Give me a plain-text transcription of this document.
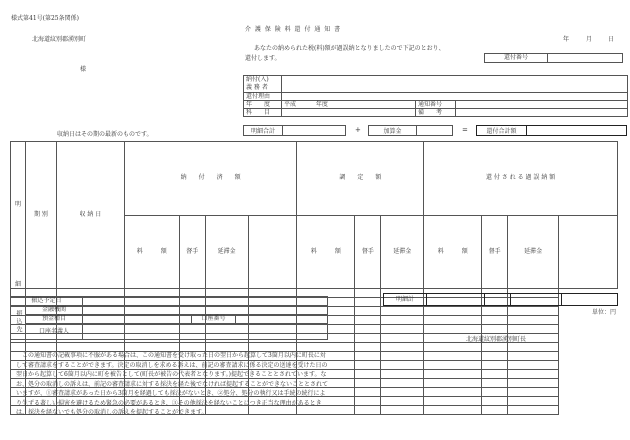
様式第41号(第25条関係)
北海道紋別郡湧別町
様
介 護 保 険 料 還 付 通 知 書
年	月	日
あなたの納められた税(料)額が過誤納となりましたので下記のとおり、
還付します。	還付番号	
納付(入)
義 務 者			
還付理由			
年　　度	平成 年度	通知番号	
科　　目		備　　考	
明細合計	+	加算金	=	還付合計額
収納日はその期の最新のものです。
明
細	期 別	収 納 日	納　　付　　済　　額				調　　定　　額			還 付 さ れ る 過 誤 納 額			
			料　　　額	督手	延滞金		料　　　額	督手	延滞金	料　　　額	督手	延滞金	

明細計				
単位：円
振込予定日				
振込先	金融機関			
	預金種目		口座番号	
	口座名義人			
北海道紋別郡湧別町長
この通知書の記載事項に不服がある場合は、この通知書を受け取った日の翌日から起算して3箇月以内に町長に対して審査請求をすることができます。決定の取消しを求める訴えは、前記の審査請求に係る決定の送達を受けた日の翌日から起算して6箇月以内に町を被告として(町長が被告の代表者となります。)提起できることとされています。なお、処分の取消しの訴えは、前記の審査請求に対する採決を経た後でなければ提起することができないこととされていますが、①審査請求があった日から3箇月を経過しても採決がないとき、②処分、処分の執行又は手続の続行により生ずる著しい損害を避けるため緊急の必要があるとき、③その他採決を経ないことにつき正当な理由があるときは、採決を経ないでも処分の取消しの訴えを提起することができます。
